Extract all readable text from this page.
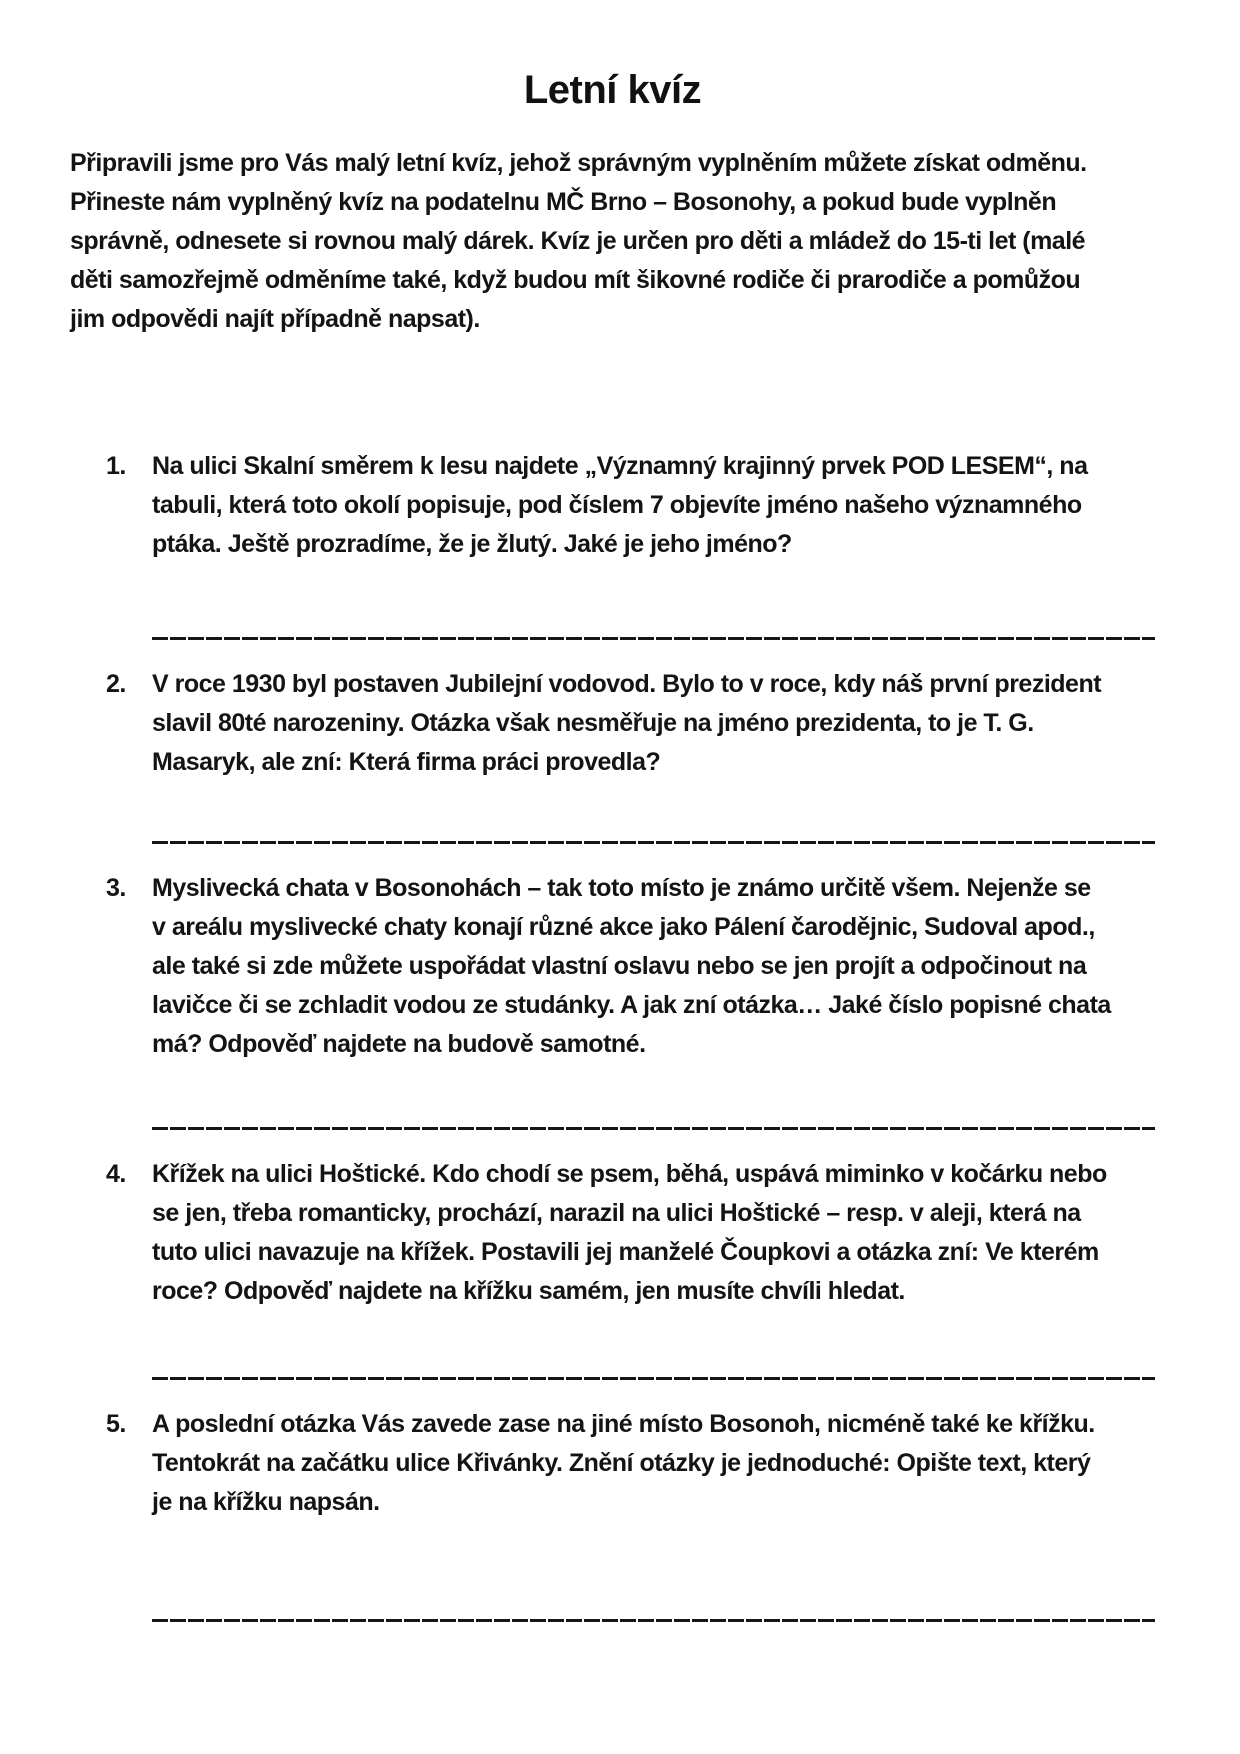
Letní kvíz
Připravili jsme pro Vás malý letní kvíz, jehož správným vyplněním můžete získat odměnu.
Přineste nám vyplněný kvíz na podatelnu MČ Brno – Bosonohy, a pokud bude vyplněn
správně, odnesete si rovnou malý dárek. Kvíz je určen pro děti a mládež do 15-ti let (malé
děti samozřejmě odměníme také, když budou mít šikovné rodiče či prarodiče a pomůžou
jim odpovědi najít případně napsat).
1.	Na ulici Skalní směrem k lesu najdete „Významný krajinný prvek POD LESEM“, na
tabuli, která toto okolí popisuje, pod číslem 7 objevíte jméno našeho významného
ptáka. Ještě prozradíme, že je žlutý. Jaké je jeho jméno?
2.	V roce 1930 byl postaven Jubilejní vodovod. Bylo to v roce, kdy náš první prezident
slavil 80té narozeniny. Otázka však nesměřuje na jméno prezidenta, to je T. G.
Masaryk, ale zní: Která firma práci provedla?
3.	Myslivecká chata v Bosonohách – tak toto místo je známo určitě všem. Nejenže se
v areálu myslivecké chaty konají různé akce jako Pálení čarodějnic, Sudoval apod.,
ale také si zde můžete uspořádat vlastní oslavu nebo se jen projít a odpočinout na
lavičce či se zchladit vodou ze studánky. A jak zní otázka… Jaké číslo popisné chata
má? Odpověď najdete na budově samotné.
4.	Křížek na ulici Hoštické. Kdo chodí se psem, běhá, uspává miminko v kočárku nebo
se jen, třeba romanticky, prochází, narazil na ulici Hoštické – resp. v aleji, která na
tuto ulici navazuje na křížek. Postavili jej manželé Čoupkovi a otázka zní: Ve kterém
roce? Odpověď najdete na křížku samém, jen musíte chvíli hledat.
5.	A poslední otázka Vás zavede zase na jiné místo Bosonoh, nicméně také ke křížku.
Tentokrát na začátku ulice Křivánky. Znění otázky je jednoduché: Opište text, který
je na křížku napsán.
